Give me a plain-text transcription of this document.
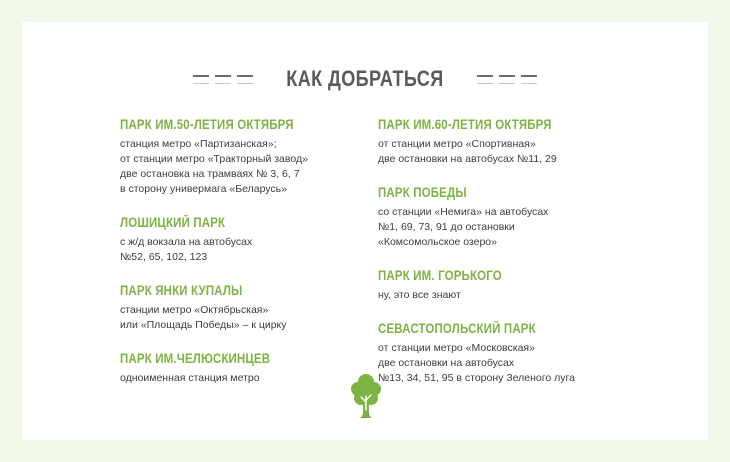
КАК ДОБРАТЬСЯ
ПАРК ИМ.50-ЛЕТИЯ ОКТЯБРЯ
станция метро «Партизанская»;
от станции метро «Тракторный завод»
две остановка на трамваях № 3, 6, 7
в сторону универмага «Беларусь»
ЛОШИЦКИЙ ПАРК
с ж/д вокзала на автобусах
№52, 65, 102, 123
ПАРК ЯНКИ КУПАЛЫ
станции метро «Октябрьская»
или «Площадь Победы» – к цирку
ПАРК ИМ.ЧЕЛЮСКИНЦЕВ
одноименная станция метро
ПАРК ИМ.60-ЛЕТИЯ ОКТЯБРЯ
от станции метро «Спортивная»
две остановки на автобусах №11, 29
ПАРК ПОБЕДЫ
со станции «Немига» на автобусах
№1, 69, 73, 91 до остановки
«Комсомольское озеро»
ПАРК ИМ. ГОРЬКОГО
ну, это все знают
СЕВАСТОПОЛЬСКИЙ ПАРК
от станции метро «Московская»
две остановки на автобусах
№13, 34, 51, 95 в сторону Зеленого луга
